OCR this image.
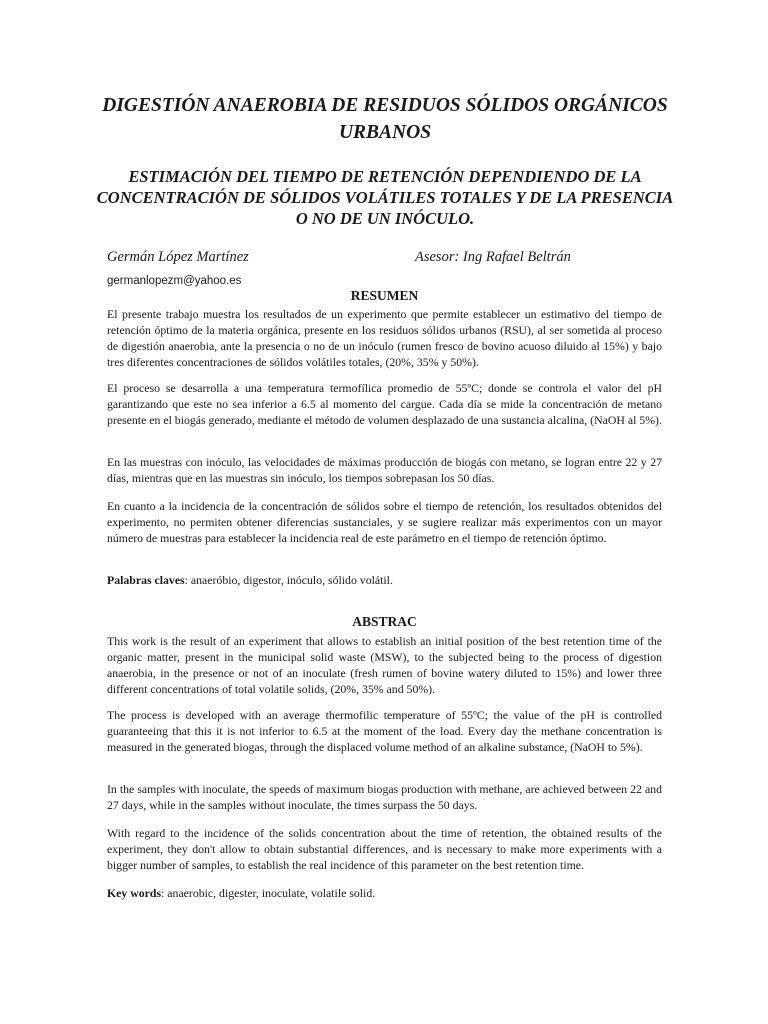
DIGESTIÓN ANAEROBIA DE RESIDUOS SÓLIDOS ORGÁNICOS URBANOS
ESTIMACIÓN DEL TIEMPO DE RETENCIÓN DEPENDIENDO DE LA CONCENTRACIÓN DE SÓLIDOS VOLÁTILES TOTALES Y DE LA PRESENCIA O NO DE UN INÓCULO.
Germán López Martínez	Asesor: Ing Rafael Beltrán
germanlopezm@yahoo.es
RESUMEN

El presente trabajo muestra los resultados de un experimento que permite establecer un estimativo del tiempo de retención óptimo de la materia orgánica, presente en los residuos sólidos urbanos (RSU), al ser sometida al proceso de digestión anaerobia, ante la presencia o no de un inóculo (rumen fresco de bovino acuoso diluido al 15%) y bajo tres diferentes concentraciones de sólidos volátiles totales, (20%, 35% y 50%).

El proceso se desarrolla a una temperatura termofílica promedio de 55ºC; donde se controla el valor del pH garantizando que este no sea inferior a 6.5 al momento del cargue. Cada día se mide la concentración de metano presente en el biogás generado, mediante el método de volumen desplazado de una sustancia alcalina, (NaOH al 5%).

En las muestras con inóculo, las velocidades de máximas producción de biogás con metano, se logran entre 22 y 27 días, mientras que en las muestras sin inóculo, los tiempos sobrepasan los 50 días.

En cuanto a la incidencia de la concentración de sólidos sobre el tiempo de retención, los resultados obtenidos del experimento, no permiten obtener diferencias sustanciales, y se sugiere realizar más experimentos con un mayor número de muestras para establecer la incidencia real de este parámetro en el tiempo de retención óptimo.

Palabras claves: anaeróbio, digestor, inóculo, sólido volátil.

ABSTRAC

This work is the result of an experiment that allows to establish an initial position of the best retention time of the organic matter, present in the municipal solid waste (MSW), to the subjected being to the process of digestion anaerobia, in the presence or not of an inoculate (fresh rumen of bovine watery diluted to 15%) and lower three different concentrations of total volatile solids, (20%, 35% and 50%).

The process is developed with an average thermofilic temperature of 55ºC; the value of the pH is controlled guaranteeing that this it is not inferior to 6.5 at the moment of the load. Every day the methane concentration is measured in the generated biogas, through the displaced volume method of an alkaline substance, (NaOH to 5%).

In the samples with inoculate, the speeds of maximum biogas production with methane, are achieved between 22 and 27 days, while in the samples without inoculate, the times surpass the 50 days.

With regard to the incidence of the solids concentration about the time of retention, the obtained results of the experiment, they don't allow to obtain substantial differences, and is necessary to make more experiments with a bigger number of samples, to establish the real incidence of this parameter on the best retention time.

Key words: anaerobic, digester, inoculate, volatile solid.
